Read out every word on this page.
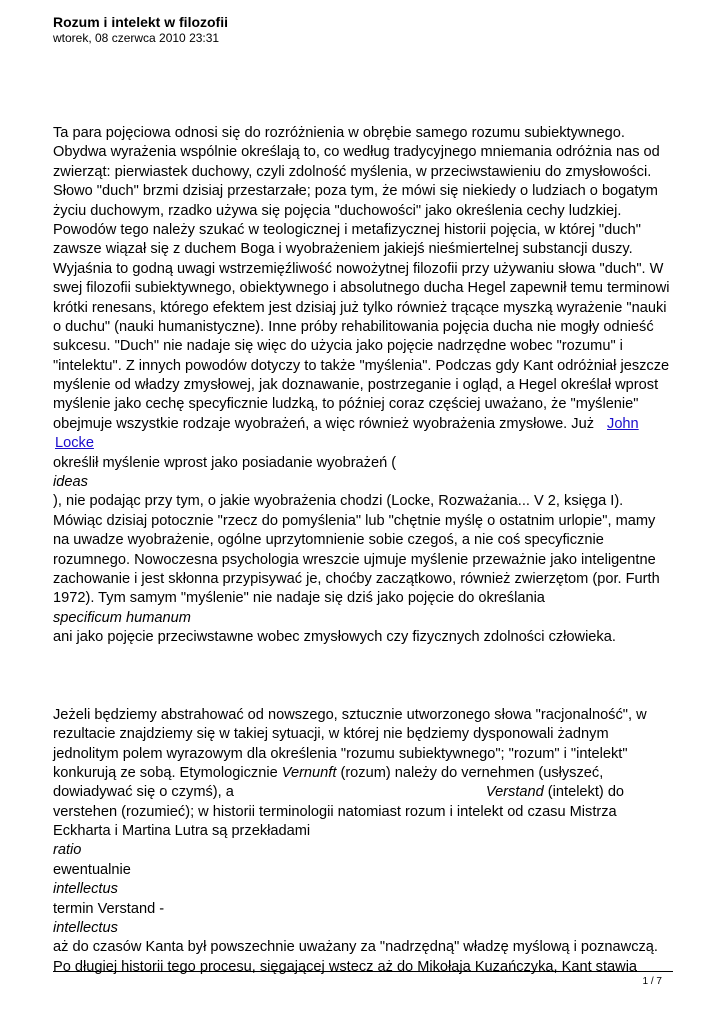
Rozum i intelekt w filozofii
wtorek, 08 czerwca 2010 23:31
Ta para pojęciowa odnosi się do rozróżnienia w obrębie samego rozumu subiektywnego.
Obydwa wyrażenia wspólnie określają to, co według tradycyjnego mniemania odróżnia nas od
zwierząt: pierwiastek duchowy, czyli zdolność myślenia, w przeciwstawieniu do zmysłowości.
Słowo "duch" brzmi dzisiaj przestarzałe; poza tym, że mówi się niekiedy o ludziach o bogatym
życiu duchowym, rzadko używa się pojęcia "duchowości" jako określenia cechy ludzkiej.
Powodów tego należy szukać w teologicznej i metafizycznej historii pojęcia, w której "duch"
zawsze wiązał się z duchem Boga i wyobrażeniem jakiejś nieśmiertelnej substancji duszy.
Wyjaśnia to godną uwagi wstrzemięźliwość nowożytnej filozofii przy używaniu słowa "duch". W
swej filozofii subiektywnego, obiektywnego i absolutnego ducha Hegel zapewnił temu terminowi
krótki renesans, którego efektem jest dzisiaj już tylko również trącące myszką wyrażenie "nauki
o duchu" (nauki humanistyczne). Inne próby rehabilitowania pojęcia ducha nie mogły odnieść
sukcesu. "Duch" nie nadaje się więc do użycia jako pojęcie nadrzędne wobec "rozumu" i
"intelektu". Z innych powodów dotyczy to także "myślenia". Podczas gdy Kant odróżniał jeszcze
myślenie od władzy zmysłowej, jak doznawanie, postrzeganie i ogląd, a Hegel określał wprost
myślenie jako cechę specyficznie ludzką, to później coraz częściej uważano, że "myślenie"
obejmuje wszystkie rodzaje wyobrażeń, a więc również wyobrażenia zmysłowe. Już John
Locke
określił myślenie wprost jako posiadanie wyobrażeń (
ideas
), nie podając przy tym, o jakie wyobrażenia chodzi (Locke, Rozważania... V 2, księga I).
Mówiąc dzisiaj potocznie "rzecz do pomyślenia" lub "chętnie myślę o ostatnim urlopie", mamy
na uwadze wyobrażenie, ogólne uprzytomnienie sobie czegoś, a nie coś specyficznie
rozumnego. Nowoczesna psychologia wreszcie ujmuje myślenie przeważnie jako inteligentne
zachowanie i jest skłonna przypisywać je, choćby zaczątkowo, również zwierzętom (por. Furth
1972). Tym samym "myślenie" nie nadaje się dziś jako pojęcie do określania
specificum humanum
ani jako pojęcie przeciwstawne wobec zmysłowych czy fizycznych zdolności człowieka.
Jeżeli będziemy abstrahować od nowszego, sztucznie utworzonego słowa "racjonalność", w
rezultacie znajdziemy się w takiej sytuacji, w której nie będziemy dysponowali żadnym
jednolitym polem wyrazowym dla określenia "rozumu subiektywnego"; "rozum" i "intelekt"
konkurują ze sobą. Etymologicznie Vernunft (rozum) należy do vernehmen (usłyszeć,
dowiadywać się o czymś), a	Verstand (intelekt) do
verstehen (rozumieć); w historii terminologii natomiast rozum i intelekt od czasu Mistrza
Eckharta i Martina Lutra są przekładami
ratio
ewentualnie
intellectus
termin Verstand -
intellectus
aż do czasów Kanta był powszechnie uważany za "nadrzędną" władzę myślową i poznawczą.
Po długiej historii tego procesu, sięgającej wstecz aż do Mikołaja Kuzańczyka, Kant stawia
1 / 7
